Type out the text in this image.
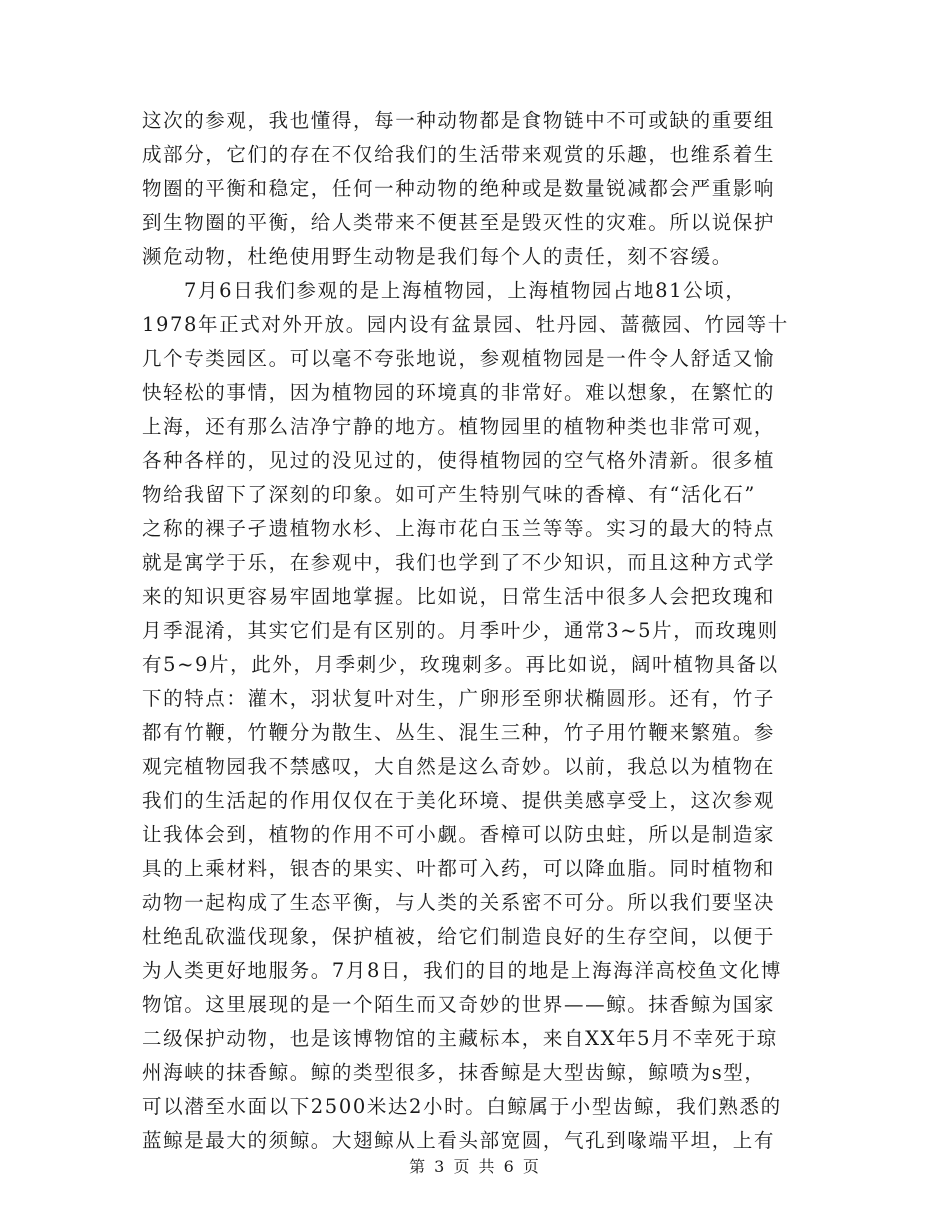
这次的参观，我也懂得，每一种动物都是食物链中不可或缺的重要组
成部分，它们的存在不仅给我们的生活带来观赏的乐趣，也维系着生
物圈的平衡和稳定，任何一种动物的绝种或是数量锐减都会严重影响
到生物圈的平衡，给人类带来不便甚至是毁灭性的灾难。所以说保护
濒危动物，杜绝使用野生动物是我们每个人的责任，刻不容缓。
7月6日我们参观的是上海植物园，上海植物园占地81公顷，
1978年正式对外开放。园内设有盆景园、牡丹园、蔷薇园、竹园等十
几个专类园区。可以毫不夸张地说，参观植物园是一件令人舒适又愉
快轻松的事情，因为植物园的环境真的非常好。难以想象，在繁忙的
上海，还有那么洁净宁静的地方。植物园里的植物种类也非常可观，
各种各样的，见过的没见过的，使得植物园的空气格外清新。很多植
物给我留下了深刻的印象。如可产生特别气味的香樟、有“活化石”
之称的裸子孑遗植物水杉、上海市花白玉兰等等。实习的最大的特点
就是寓学于乐，在参观中，我们也学到了不少知识，而且这种方式学
来的知识更容易牢固地掌握。比如说，日常生活中很多人会把玫瑰和
月季混淆，其实它们是有区别的。月季叶少，通常3~5片，而玫瑰则
有5~9片，此外，月季刺少，玫瑰刺多。再比如说，阔叶植物具备以
下的特点：灌木，羽状复叶对生，广卵形至卵状椭圆形。还有，竹子
都有竹鞭，竹鞭分为散生、丛生、混生三种，竹子用竹鞭来繁殖。参
观完植物园我不禁感叹，大自然是这么奇妙。以前，我总以为植物在
我们的生活起的作用仅仅在于美化环境、提供美感享受上，这次参观
让我体会到，植物的作用不可小觑。香樟可以防虫蛀，所以是制造家
具的上乘材料，银杏的果实、叶都可入药，可以降血脂。同时植物和
动物一起构成了生态平衡，与人类的关系密不可分。所以我们要坚决
杜绝乱砍滥伐现象，保护植被，给它们制造良好的生存空间，以便于
为人类更好地服务。7月8日，我们的目的地是上海海洋高校鱼文化博
物馆。这里展现的是一个陌生而又奇妙的世界——鲸。抹香鲸为国家
二级保护动物，也是该博物馆的主藏标本，来自XX年5月不幸死于琼
州海峡的抹香鲸。鲸的类型很多，抹香鲸是大型齿鲸，鲸喷为s型，
可以潜至水面以下2500米达2小时。白鲸属于小型齿鲸，我们熟悉的
蓝鲸是最大的须鲸。大翅鲸从上看头部宽圆，气孔到喙端平坦，上有
第 3 页 共 6 页
